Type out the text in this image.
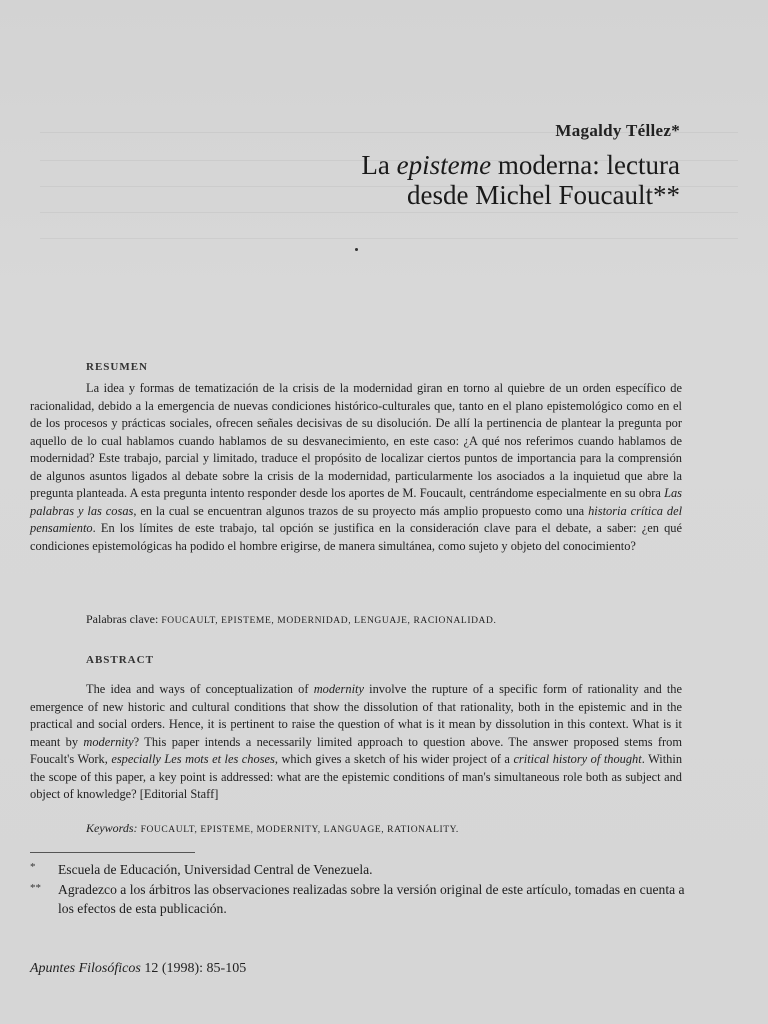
Magaldy Téllez*
La episteme moderna: lectura
desde Michel Foucault**
RESUMEN
La idea y formas de tematización de la crisis de la modernidad giran en torno al quiebre de un orden específico de racionalidad, debido a la emergencia de nuevas condiciones histórico-culturales que, tanto en el plano epistemológico como en el de los procesos y prácticas sociales, ofrecen señales decisivas de su disolución. De allí la pertinencia de plantear la pregunta por aquello de lo cual hablamos cuando hablamos de su desvanecimiento, en este caso: ¿A qué nos referimos cuando hablamos de modernidad? Este trabajo, parcial y limitado, traduce el propósito de localizar ciertos puntos de importancia para la comprensión de algunos asuntos ligados al debate sobre la crisis de la modernidad, particularmente los asociados a la inquietud que abre la pregunta planteada. A esta pregunta intento responder desde los aportes de M. Foucault, centrándome especialmente en su obra Las palabras y las cosas, en la cual se encuentran algunos trazos de su proyecto más amplio propuesto como una historia crítica del pensamiento. En los límites de este trabajo, tal opción se justifica en la consideración clave para el debate, a saber: ¿en qué condiciones epistemológicas ha podido el hombre erigirse, de manera simultánea, como sujeto y objeto del conocimiento?
Palabras clave: FOUCAULT, EPISTEME, MODERNIDAD, LENGUAJE, RACIONALIDAD.
ABSTRACT
The idea and ways of conceptualization of modernity involve the rupture of a specific form of rationality and the emergence of new historic and cultural conditions that show the dissolution of that rationality, both in the epistemic and in the practical and social orders. Hence, it is pertinent to raise the question of what is it mean by dissolution in this context. What is it meant by modernity? This paper intends a necessarily limited approach to question above. The answer proposed stems from Foucalt's Work, especially Les mots et les choses, which gives a sketch of his wider project of a critical history of thought. Within the scope of this paper, a key point is addressed: what are the epistemic conditions of man's simultaneous role both as subject and object of knowledge? [Editorial Staff]
Keywords: FOUCAULT, EPISTEME, MODERNITY, LANGUAGE, RATIONALITY.
* Escuela de Educación, Universidad Central de Venezuela.
** Agradezco a los árbitros las observaciones realizadas sobre la versión original de este artículo, tomadas en cuenta a los efectos de esta publicación.
Apuntes Filosóficos 12 (1998): 85-105
